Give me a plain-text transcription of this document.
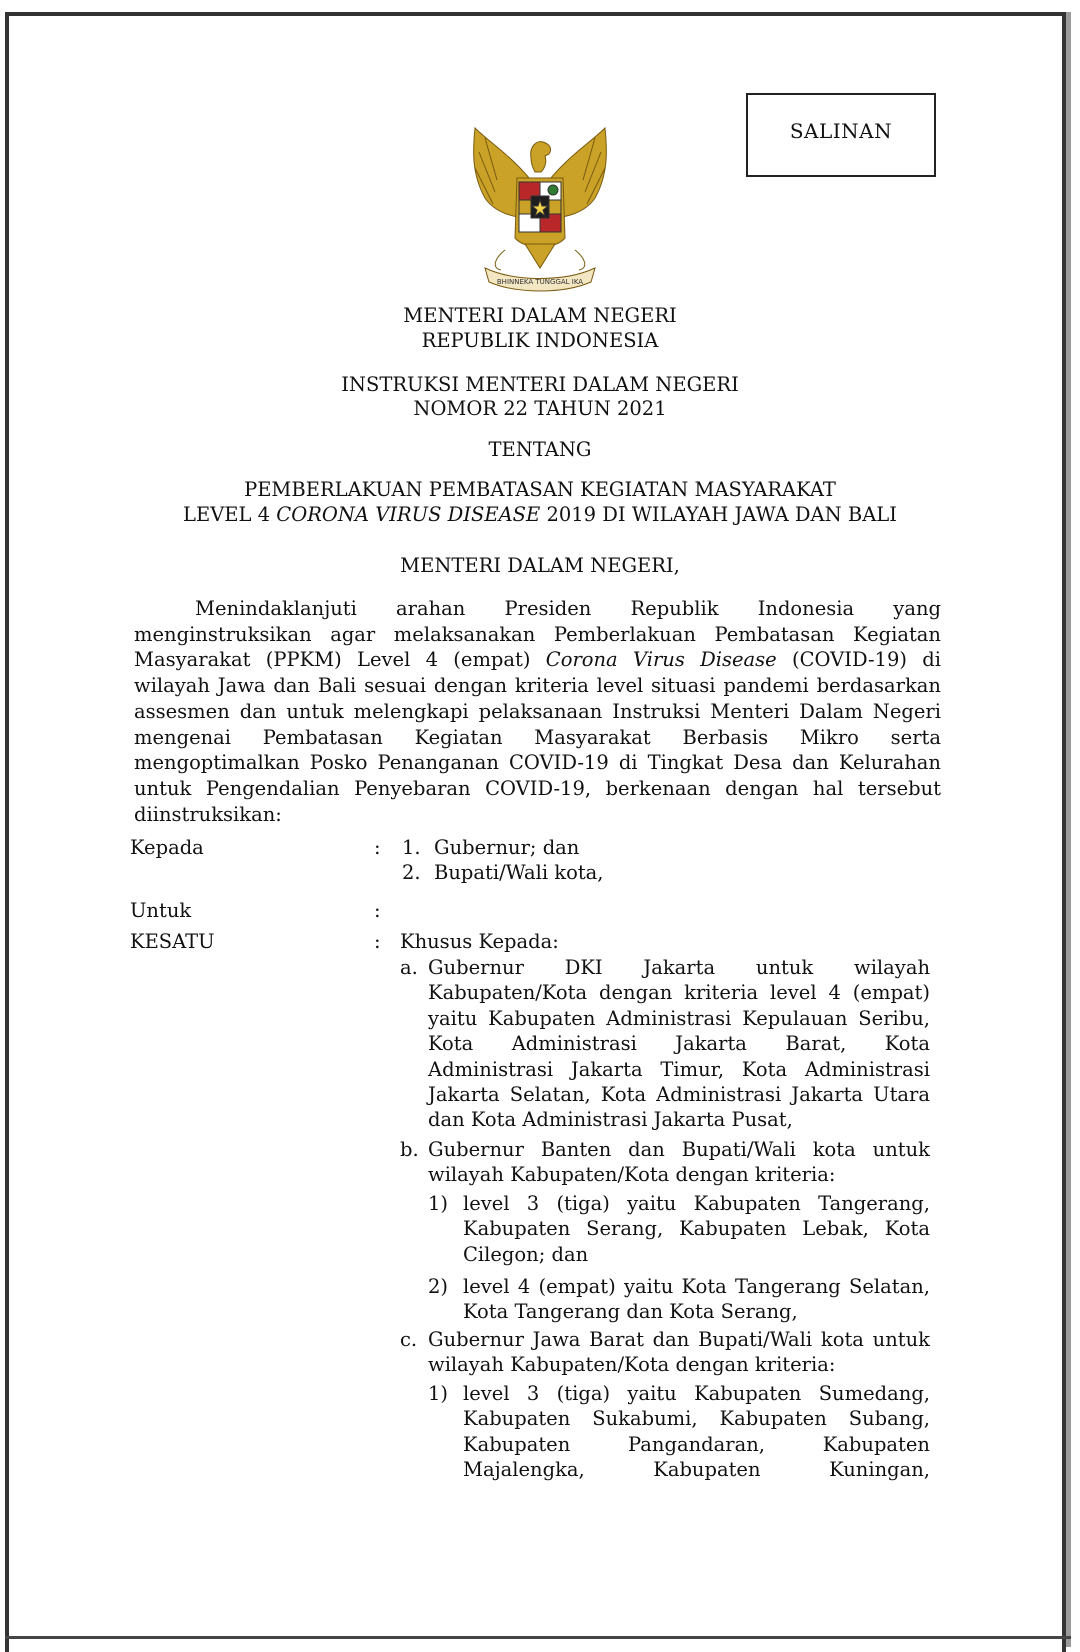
SALINAN
BHINNEKA TUNGGAL IKA
MENTERI DALAM NEGERI
REPUBLIK INDONESIA
INSTRUKSI MENTERI DALAM NEGERI
NOMOR 22 TAHUN 2021
TENTANG
PEMBERLAKUAN PEMBATASAN KEGIATAN MASYARAKAT
LEVEL 4 CORONA VIRUS DISEASE 2019 DI WILAYAH JAWA DAN BALI
MENTERI DALAM NEGERI,

Menindaklanjuti arahan Presiden Republik Indonesia yang menginstruksikan agar melaksanakan Pemberlakuan Pembatasan Kegiatan Masyarakat (PPKM) Level 4 (empat) Corona Virus Disease (COVID-19) di wilayah Jawa dan Bali sesuai dengan kriteria level situasi pandemi berdasarkan assesmen dan untuk melengkapi pelaksanaan Instruksi Menteri Dalam Negeri mengenai Pembatasan Kegiatan Masyarakat Berbasis Mikro serta mengoptimalkan Posko Penanganan COVID-19 di Tingkat Desa dan Kelurahan untuk Pengendalian Penyebaran COVID-19, berkenaan dengan hal tersebut diinstruksikan:

Kepada	: 1. Gubernur; dan
2. Bupati/Wali kota,
Untuk	:
KESATU	: Khusus Kepada:
a. Gubernur DKI Jakarta untuk wilayah Kabupaten/Kota dengan kriteria level 4 (empat) yaitu Kabupaten Administrasi Kepulauan Seribu, Kota Administrasi Jakarta Barat, Kota Administrasi Jakarta Timur, Kota Administrasi Jakarta Selatan, Kota Administrasi Jakarta Utara dan Kota Administrasi Jakarta Pusat,
b. Gubernur Banten dan Bupati/Wali kota untuk wilayah Kabupaten/Kota dengan kriteria:
1) level 3 (tiga) yaitu Kabupaten Tangerang, Kabupaten Serang, Kabupaten Lebak, Kota Cilegon; dan
2) level 4 (empat) yaitu Kota Tangerang Selatan, Kota Tangerang dan Kota Serang,
c. Gubernur Jawa Barat dan Bupati/Wali kota untuk wilayah Kabupaten/Kota dengan kriteria:
1) level 3 (tiga) yaitu Kabupaten Sumedang, Kabupaten Sukabumi, Kabupaten Subang, Kabupaten Pangandaran, Kabupaten Majalengka, Kabupaten Kuningan,
